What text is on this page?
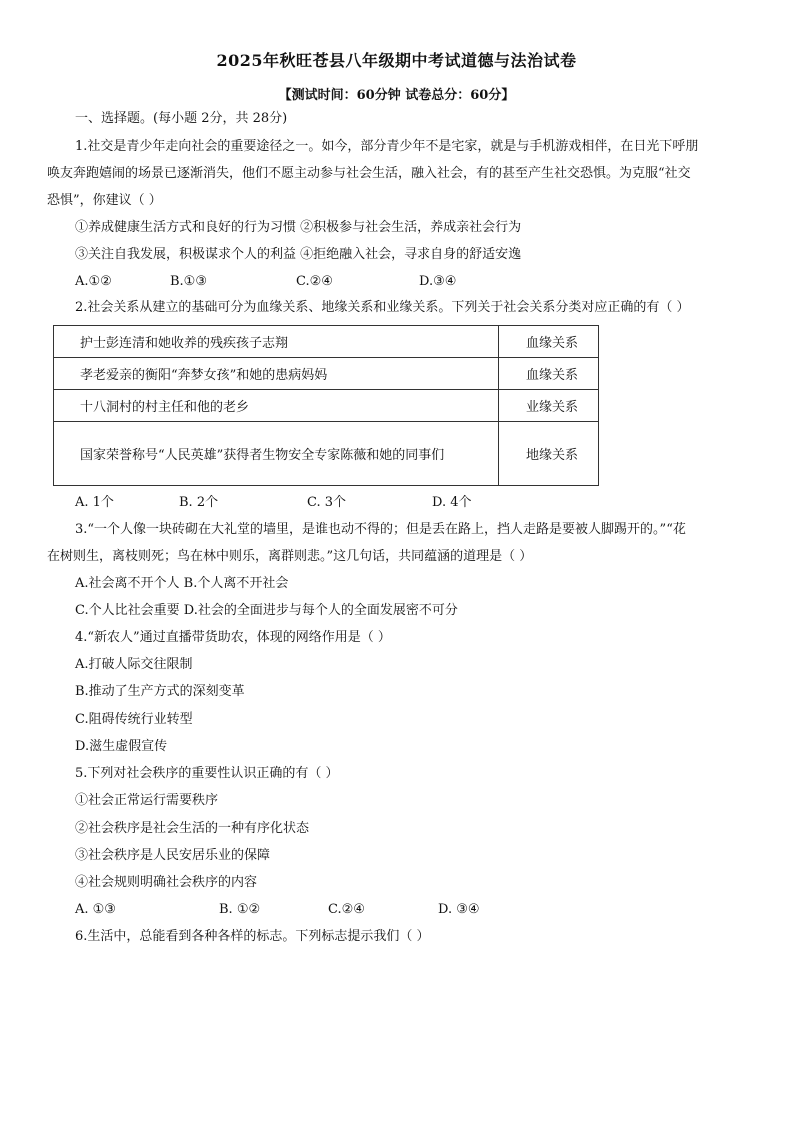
2025年秋旺苍县八年级期中考试道德与法治试卷
【测试时间：60分钟 试卷总分：60分】
一、选择题。(每小题 2分，共 28分)
1.社交是青少年走向社会的重要途径之一。如今，部分青少年不是宅家，就是与手机游戏相伴，在日光下呼朋
唤友奔跑嬉闹的场景已逐渐消失，他们不愿主动参与社会生活，融入社会，有的甚至产生社交恐惧。为克服“社交
恐惧”，你建议（ ）
①养成健康生活方式和良好的行为习惯 ②积极参与社会生活，养成亲社会行为
③关注自我发展，积极谋求个人的利益 ④拒绝融入社会，寻求自身的舒适安逸
A.①②	B.①③	C.②④	D.③④
2.社会关系从建立的基础可分为血缘关系、地缘关系和业缘关系。下列关于社会关系分类对应正确的有（ ）
护士彭连清和她收养的残疾孩子志翔	血缘关系
孝老爱亲的衡阳“奔梦女孩”和她的患病妈妈	血缘关系
十八洞村的村主任和他的老乡	业缘关系
国家荣誉称号“人民英雄”获得者生物安全专家陈薇和她的同事们	地缘关系
A. 1个	B. 2个	C. 3个	D. 4个
3.“一个人像一块砖砌在大礼堂的墙里，是谁也动不得的；但是丢在路上，挡人走路是要被人脚踢开的。”“花
在树则生，离枝则死；鸟在林中则乐，离群则悲。”这几句话，共同蕴涵的道理是（ ）
A.社会离不开个人 B.个人离不开社会
C.个人比社会重要 D.社会的全面进步与每个人的全面发展密不可分
4.“新农人”通过直播带货助农，体现的网络作用是（ ）
A.打破人际交往限制
B.推动了生产方式的深刻变革
C.阻碍传统行业转型
D.滋生虚假宣传
5.下列对社会秩序的重要性认识正确的有（ ）
①社会正常运行需要秩序
②社会秩序是社会生活的一种有序化状态
③社会秩序是人民安居乐业的保障
④社会规则明确社会秩序的内容
A. ①③	B. ①②	C.②④	D. ③④
6.生活中，总能看到各种各样的标志。下列标志提示我们（ ）
